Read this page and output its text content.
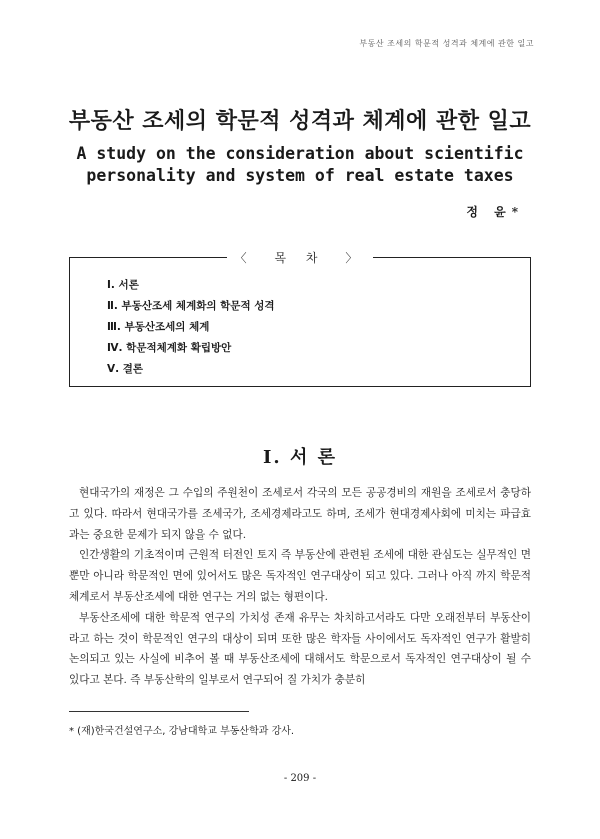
부동산 조세의 학문적 성격과 체계에 관한 일고
부동산 조세의 학문적 성격과 체계에 관한 일고
A study on the consideration about scientific
personality and system of real estate taxes
정 윤*
〈 목 차 〉
Ⅰ. 서론
Ⅱ. 부동산조세 체계화의 학문적 성격
Ⅲ. 부동산조세의 체계
Ⅳ. 학문적체계화 확립방안
Ⅴ. 결론
Ⅰ. 서 론

현대국가의 재정은 그 수입의 주원천이 조세로서 각국의 모든 공공경비의 재원을 조세로서 충당하고 있다. 따라서 현대국가를 조세국가, 조세경제라고도 하며, 조세가 현대경제사회에 미치는 파급효과는 중요한 문제가 되지 않을 수 없다.

인간생활의 기초적이며 근원적 터전인 토지 즉 부동산에 관련된 조세에 대한 관심도는 실무적인 면뿐만 아니라 학문적인 면에 있어서도 많은 독자적인 연구대상이 되고 있다. 그러나 아직 까지 학문적 체계로서 부동산조세에 대한 연구는 거의 없는 형편이다.

부동산조세에 대한 학문적 연구의 가치성 존재 유무는 차치하고서라도 다만 오래전부터 부동산이라고 하는 것이 학문적인 연구의 대상이 되며 또한 많은 학자들 사이에서도 독자적인 연구가 활발히 논의되고 있는 사실에 비추어 볼 때 부동산조세에 대해서도 학문으로서 독자적인 연구대상이 될 수 있다고 본다. 즉 부동산학의 일부로서 연구되어 질 가치가 충분히

* (재)한국건설연구소, 강남대학교 부동산학과 강사.
- 209 -
